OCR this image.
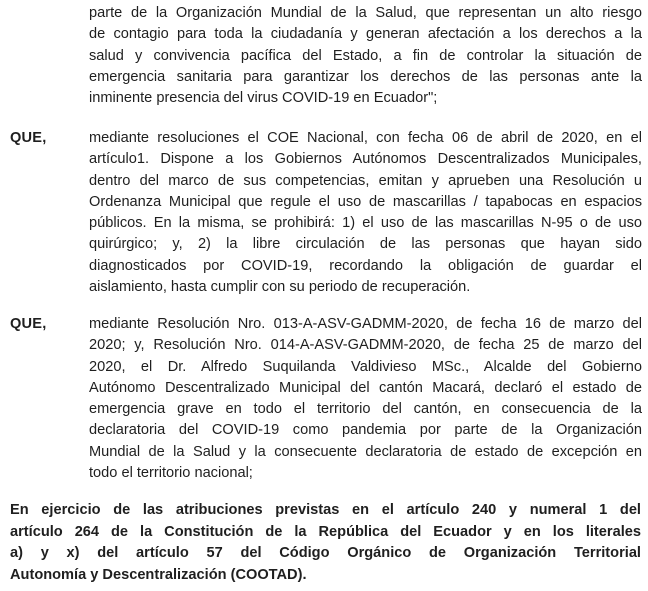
parte de la Organización Mundial de la Salud, que representan un alto riesgo
de contagio para toda la ciudadanía y generan afectación a los derechos a la
salud y convivencia pacífica del Estado, a fin de controlar la situación de
emergencia sanitaria para garantizar los derechos de las personas ante la
inminente presencia del virus COVID-19 en Ecuador";
QUE,	mediante resoluciones el COE Nacional, con fecha 06 de abril de 2020, en el
artículo1. Dispone a los Gobiernos Autónomos Descentralizados Municipales,
dentro del marco de sus competencias, emitan y aprueben una Resolución u
Ordenanza Municipal que regule el uso de mascarillas / tapabocas en espacios
públicos. En la misma, se prohibirá: 1) el uso de las mascarillas N-95 o de uso
quirúrgico; y, 2) la libre circulación de las personas que hayan sido
diagnosticados por COVID-19, recordando la obligación de guardar el
aislamiento, hasta cumplir con su periodo de recuperación.
QUE,	mediante Resolución Nro. 013-A-ASV-GADMM-2020, de fecha 16 de marzo del
2020; y, Resolución Nro. 014-A-ASV-GADMM-2020, de fecha 25 de marzo del
2020, el Dr. Alfredo Suquilanda Valdivieso MSc., Alcalde del Gobierno
Autónomo Descentralizado Municipal del cantón Macará, declaró el estado de
emergencia grave en todo el territorio del cantón, en consecuencia de la
declaratoria del COVID-19 como pandemia por parte de la Organización
Mundial de la Salud y la consecuente declaratoria de estado de excepción en
todo el territorio nacional;
En ejercicio de las atribuciones previstas en el artículo 240 y numeral 1 del
artículo 264 de la Constitución de la República del Ecuador y en los literales
a) y x) del artículo 57 del Código Orgánico de Organización Territorial
Autonomía y Descentralización (COOTAD).
